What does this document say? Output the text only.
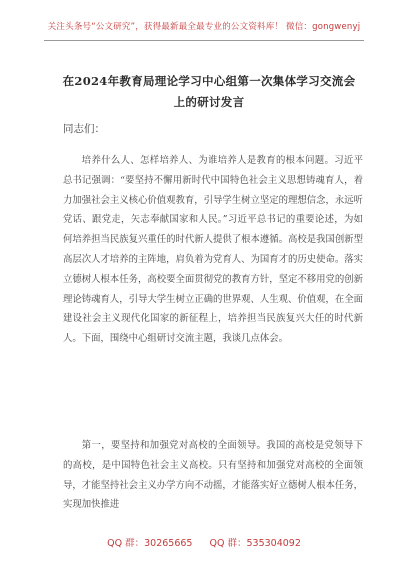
关注头条号“公文研究”，获得最新最全最专业的公文资料库！ 微信：gongwenyj
在2024年教育局理论学习中心组第一次集体学习交流会上的研讨发言
同志们：

培养什么人、怎样培养人、为谁培养人是教育的根本问题。习近平总书记强调：“要坚持不懈用新时代中国特色社会主义思想铸魂育人，着力加强社会主义核心价值观教育，引导学生树立坚定的理想信念，永远听党话、跟党走，矢志奉献国家和人民。”习近平总书记的重要论述，为如何培养担当民族复兴重任的时代新人提供了根本遵循。高校是我国创新型高层次人才培养的主阵地，肩负着为党育人、为国育才的历史使命。落实立德树人根本任务，高校要全面贯彻党的教育方针，坚定不移用党的创新理论铸魂育人，引导大学生树立正确的世界观、人生观、价值观，在全面建设社会主义现代化国家的新征程上，培养担当民族复兴大任的时代新人。下面，围绕中心组研讨交流主题，我谈几点体会。

第一，要坚持和加强党对高校的全面领导。我国的高校是党领导下的高校，是中国特色社会主义高校。只有坚持和加强党对高校的全面领导，才能坚持社会主义办学方向不动摇，才能落实好立德树人根本任务，实现加快推进

QQ 群：30265665 QQ 群：535304092
